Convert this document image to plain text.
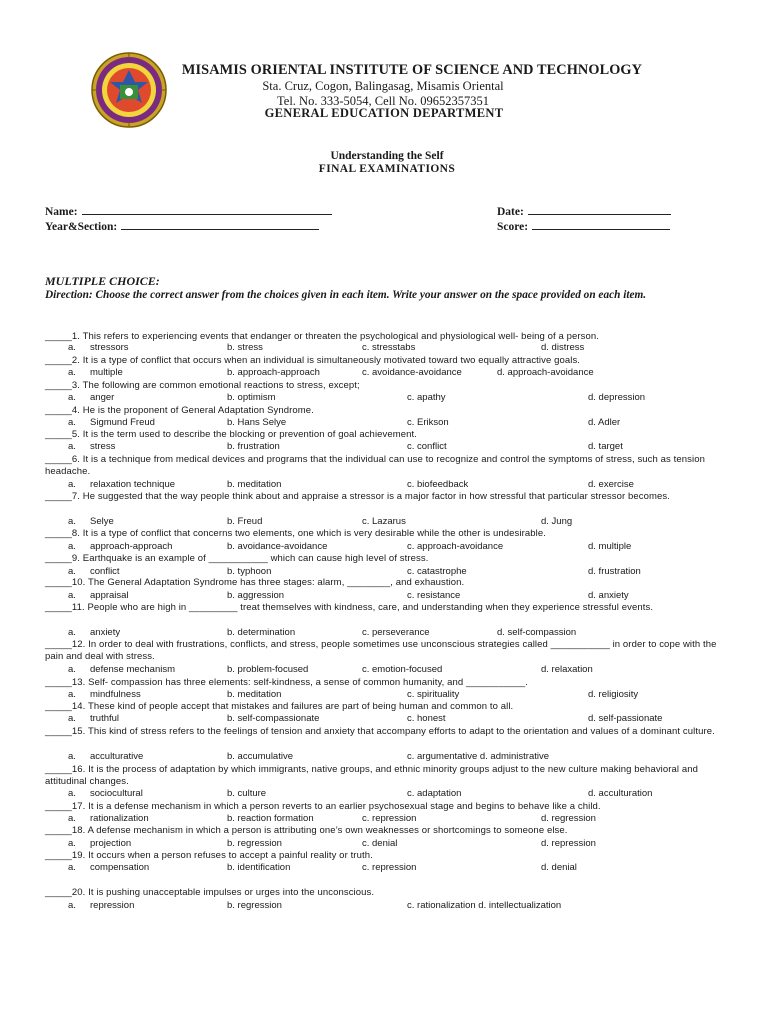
MISAMIS ORIENTAL INSTITUTE OF SCIENCE AND TECHNOLOGY
Sta. Cruz, Cogon, Balingasag, Misamis Oriental
Tel. No. 333-5054, Cell No. 09652357351
GENERAL EDUCATION DEPARTMENT
Understanding the Self
FINAL EXAMINATIONS
Name:
Year&Section:
Date:
Score:
MULTIPLE CHOICE:
Direction: Choose the correct answer from the choices given in each item. Write your answer on the space provided on each item.
_____1. This refers to experiencing events that endanger or threaten the psychological and physiological well- being of a person.
a. stressors	b. stress	c. stresstabs	d. distress
_____2. It is a type of conflict that occurs when an individual is simultaneously motivated toward two equally attractive goals.
a. multiple	b. approach-approach	c. avoidance-avoidance	d. approach-avoidance
_____3. The following are common emotional reactions to stress, except;
a. anger	b. optimism	c. apathy	d. depression
_____4. He is the proponent of General Adaptation Syndrome.
a. Sigmund Freud	b. Hans Selye	c. Erikson	d. Adler
_____5. It is the term used to describe the blocking or prevention of goal achievement.
a. stress	b. frustration	c. conflict	d. target
_____6. It is a technique from medical devices and programs that the individual can use to recognize and control the symptoms of stress, such as tension headache.
a. relaxation technique	b. meditation	c. biofeedback	d. exercise
_____7. He suggested that the way people think about and appraise a stressor is a major factor in how stressful that particular stressor becomes.
a. Selye	b. Freud	c. Lazarus	d. Jung
_____8. It is a type of conflict that concerns two elements, one which is very desirable while the other is undesirable.
a. approach-approach	b. avoidance-avoidance	c. approach-avoidance	d. multiple
_____9. Earthquake is an example of ___________ which can cause high level of stress.
a. conflict	b. typhoon	c. catastrophe	d. frustration
_____10. The General Adaptation Syndrome has three stages: alarm, ________, and exhaustion.
a. appraisal	b. aggression	c. resistance	d. anxiety
_____11. People who are high in _________ treat themselves with kindness, care, and understanding when they experience stressful events.
a. anxiety	b. determination	c. perseverance	d. self-compassion
_____12. In order to deal with frustrations, conflicts, and stress, people sometimes use unconscious strategies called ___________ in order to cope with the pain and deal with stress.
a. defense mechanism	b. problem-focused	c. emotion-focused	d. relaxation
_____13. Self- compassion has three elements: self-kindness, a sense of common humanity, and ___________.
a. mindfulness	b. meditation	c. spirituality	d. religiosity
_____14. These kind of people accept that mistakes and failures are part of being human and common to all.
a. truthful	b. self-compassionate	c. honest	d. self-passionate
_____15. This kind of stress refers to the feelings of tension and anxiety that accompany efforts to adapt to the orientation and values of a dominant culture.
a. acculturative	b. accumulative	c. argumentative d. administrative
_____16. It is the process of adaptation by which immigrants, native groups, and ethnic minority groups adjust to the new culture making behavioral and attitudinal changes.
a. sociocultural	b. culture	c. adaptation	d. acculturation
_____17. It is a defense mechanism in which a person reverts to an earlier psychosexual stage and begins to behave like a child.
a. rationalization	b. reaction formation	c. repression	d. regression
_____18. A defense mechanism in which a person is attributing one’s own weaknesses or shortcomings to someone else.
a. projection	b. regression	c. denial	d. repression
_____19. It occurs when a person refuses to accept a painful reality or truth.
a. compensation	b. identification	c. repression	d. denial
_____20. It is pushing unacceptable impulses or urges into the unconscious.
a. repression	b. regression	c. rationalization d. intellectualization
